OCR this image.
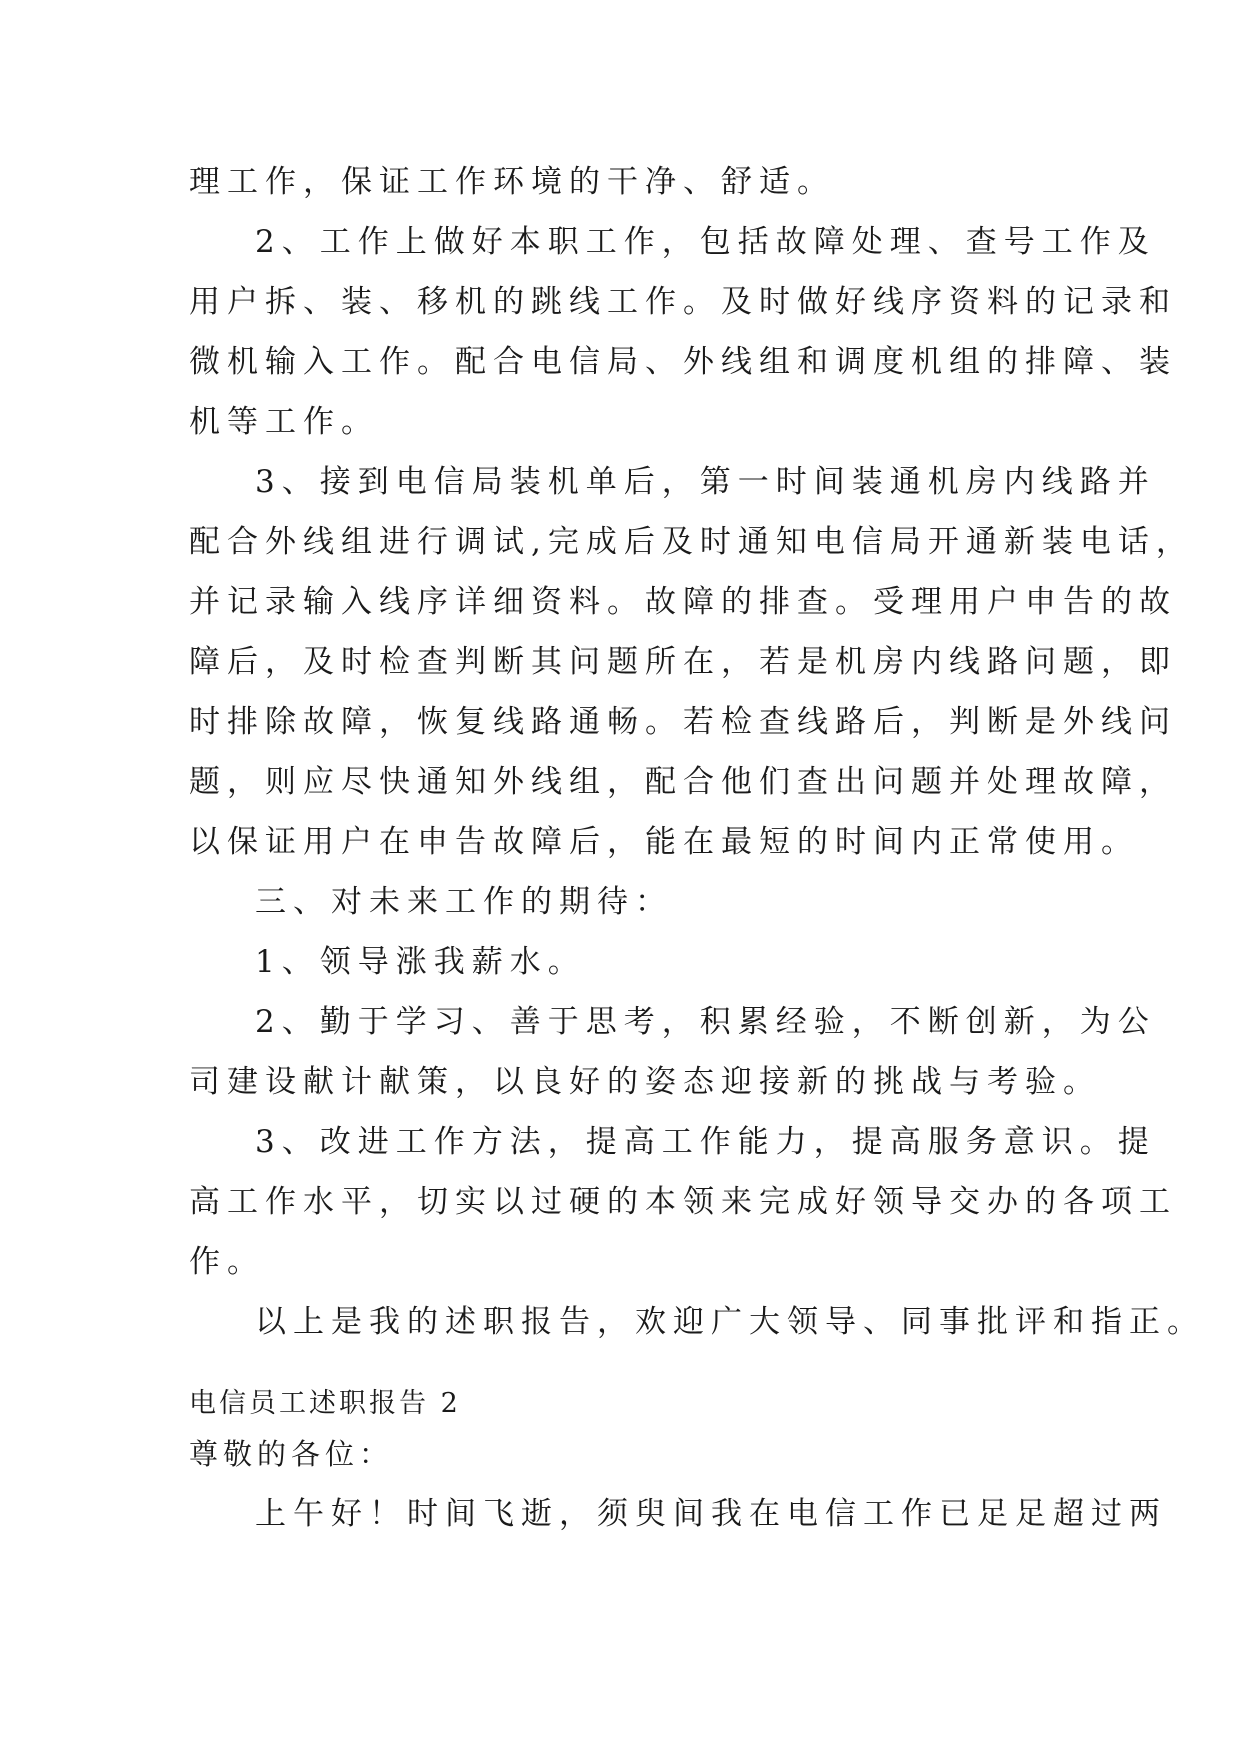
理工作，保证工作环境的干净、舒适。
2、工作上做好本职工作，包括故障处理、查号工作及
用户拆、装、移机的跳线工作。及时做好线序资料的记录和
微机输入工作。配合电信局、外线组和调度机组的排障、装
机等工作。
3、接到电信局装机单后，第一时间装通机房内线路并
配合外线组进行调试,完成后及时通知电信局开通新装电话，
并记录输入线序详细资料。故障的排查。受理用户申告的故
障后，及时检查判断其问题所在，若是机房内线路问题，即
时排除故障，恢复线路通畅。若检查线路后，判断是外线问
题，则应尽快通知外线组，配合他们查出问题并处理故障，
以保证用户在申告故障后，能在最短的时间内正常使用。
三、对未来工作的期待：
1、领导涨我薪水。
2、勤于学习、善于思考，积累经验，不断创新，为公
司建设献计献策，以良好的姿态迎接新的挑战与考验。
3、改进工作方法，提高工作能力，提高服务意识。提
高工作水平，切实以过硬的本领来完成好领导交办的各项工
作。
以上是我的述职报告，欢迎广大领导、同事批评和指正。
电信员工述职报告 2
尊敬的各位：
上午好！时间飞逝，须臾间我在电信工作已足足超过两
